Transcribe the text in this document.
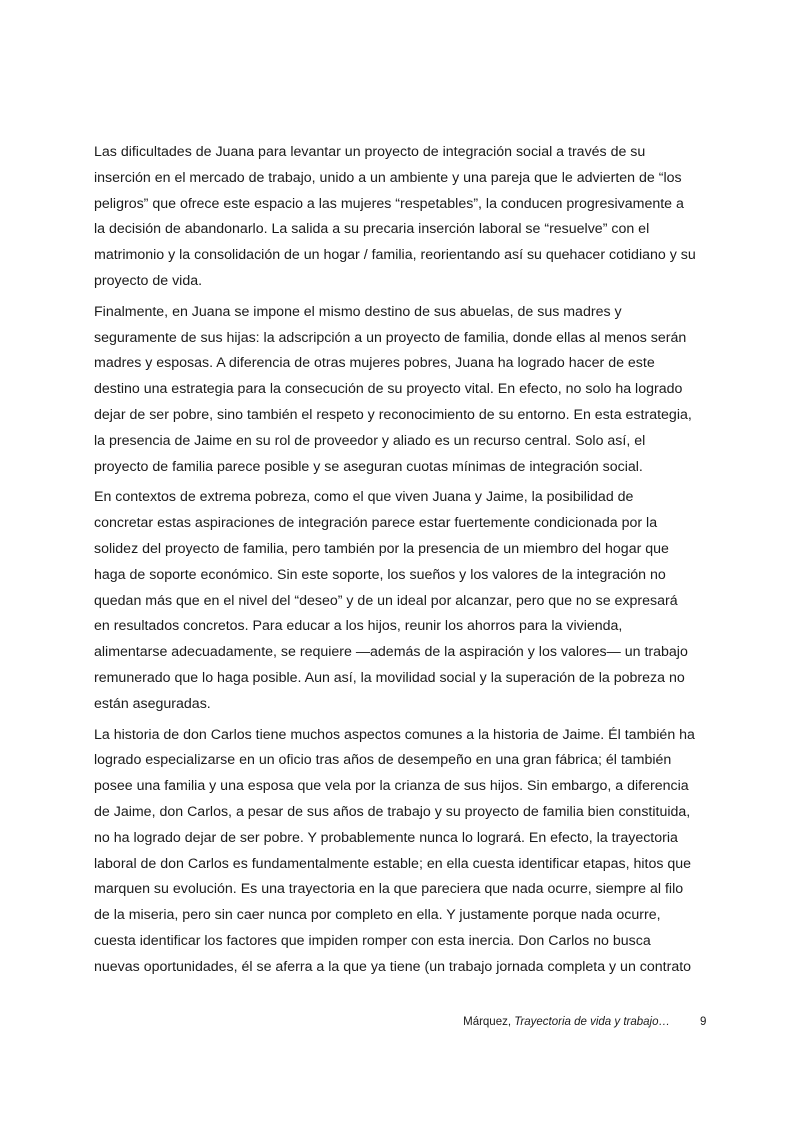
Las dificultades de Juana para levantar un proyecto de integración social a través de su
inserción en el mercado de trabajo, unido a un ambiente y una pareja que le advierten de “los
peligros” que ofrece este espacio a las mujeres “respetables”, la conducen progresivamente a
la decisión de abandonarlo. La salida a su precaria inserción laboral se “resuelve” con el
matrimonio y la consolidación de un hogar / familia, reorientando así su quehacer cotidiano y su
proyecto de vida.

Finalmente, en Juana se impone el mismo destino de sus abuelas, de sus madres y
seguramente de sus hijas: la adscripción a un proyecto de familia, donde ellas al menos serán
madres y esposas. A diferencia de otras mujeres pobres, Juana ha logrado hacer de este
destino una estrategia para la consecución de su proyecto vital. En efecto, no solo ha logrado
dejar de ser pobre, sino también el respeto y reconocimiento de su entorno. En esta estrategia,
la presencia de Jaime en su rol de proveedor y aliado es un recurso central. Solo así, el
proyecto de familia parece posible y se aseguran cuotas mínimas de integración social.

En contextos de extrema pobreza, como el que viven Juana y Jaime, la posibilidad de
concretar estas aspiraciones de integración parece estar fuertemente condicionada por la
solidez del proyecto de familia, pero también por la presencia de un miembro del hogar que
haga de soporte económico. Sin este soporte, los sueños y los valores de la integración no
quedan más que en el nivel del “deseo” y de un ideal por alcanzar, pero que no se expresará
en resultados concretos. Para educar a los hijos, reunir los ahorros para la vivienda,
alimentarse adecuadamente, se requiere —además de la aspiración y los valores— un trabajo
remunerado que lo haga posible. Aun así, la movilidad social y la superación de la pobreza no
están aseguradas.

La historia de don Carlos tiene muchos aspectos comunes a la historia de Jaime. Él también ha
logrado especializarse en un oficio tras años de desempeño en una gran fábrica; él también
posee una familia y una esposa que vela por la crianza de sus hijos. Sin embargo, a diferencia
de Jaime, don Carlos, a pesar de sus años de trabajo y su proyecto de familia bien constituida,
no ha logrado dejar de ser pobre. Y probablemente nunca lo logrará. En efecto, la trayectoria
laboral de don Carlos es fundamentalmente estable; en ella cuesta identificar etapas, hitos que
marquen su evolución. Es una trayectoria en la que pareciera que nada ocurre, siempre al filo
de la miseria, pero sin caer nunca por completo en ella. Y justamente porque nada ocurre,
cuesta identificar los factores que impiden romper con esta inercia. Don Carlos no busca
nuevas oportunidades, él se aferra a la que ya tiene (un trabajo jornada completa y un contrato

Márquez, Trayectoria de vida y trabajo…	9
